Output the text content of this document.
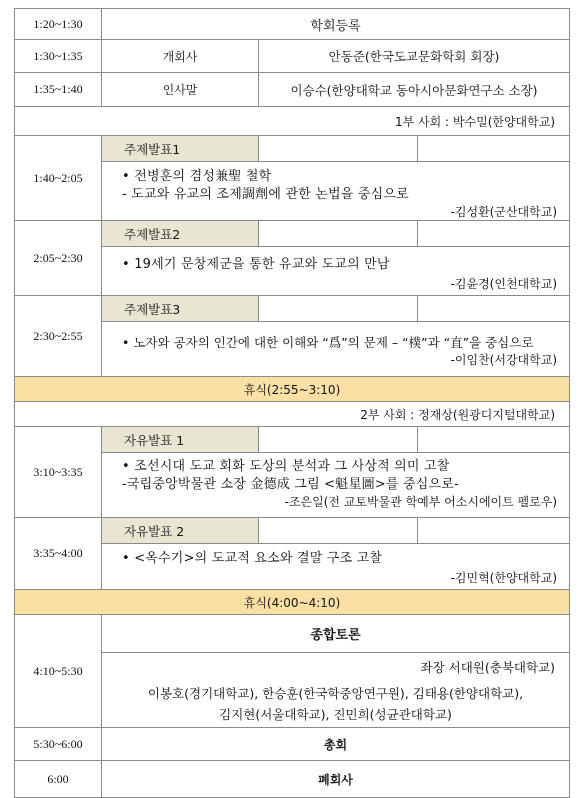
1:20~1:30	학회등록	
1:30~1:35	개회사	안동준(한국도교문화학회 회장)
1:35~1:40	인사말	이승수(한양대학교 동아시아문화연구소 소장)
1부 사회 : 박수밀(한양대학교)		
1:40~2:05	주제발표1
• 전병훈의 겸성兼聖 철학
- 도교와 유교의 조제調劑에 관한 논법을 중심으로
-김성환(군산대학교)	

2:05~2:30	주제발표2
• 19세기 문창제군을 통한 유교와 도교의 만남
-김윤경(인천대학교)	

2:30~2:55	주제발표3
• 노자와 공자의 인간에 대한 이해와 “爲”의 문제 – “樸”과 “直”을 중심으로
-이임찬(서강대학교)	

휴식(2:55~3:10)		
2부 사회 : 정재상(원광디지털대학교)		
3:10~3:35	자유발표 1
• 조선시대 도교 회화 도상의 분석과 그 사상적 의미 고찰
-국립중앙박물관 소장 金德成 그림 <魁星圖>를 중심으로-
-조은일(전 교토박물관 학예부 어소시에이트 펠로우)	

3:35~4:00	자유발표 2
• <옥수기>의 도교적 요소와 결말 구조 고찰
-김민혁(한양대학교)	

휴식(4:00~4:10)		
4:10~5:30	종합토론
좌장 서대원(충북대학교)
이봉호(경기대학교), 한승훈(한국학중앙연구원), 김태용(한양대학교),
김지현(서울대학교), 진민희(성균관대학교)	

5:30~6:00	총회	
6:00	폐회사	
